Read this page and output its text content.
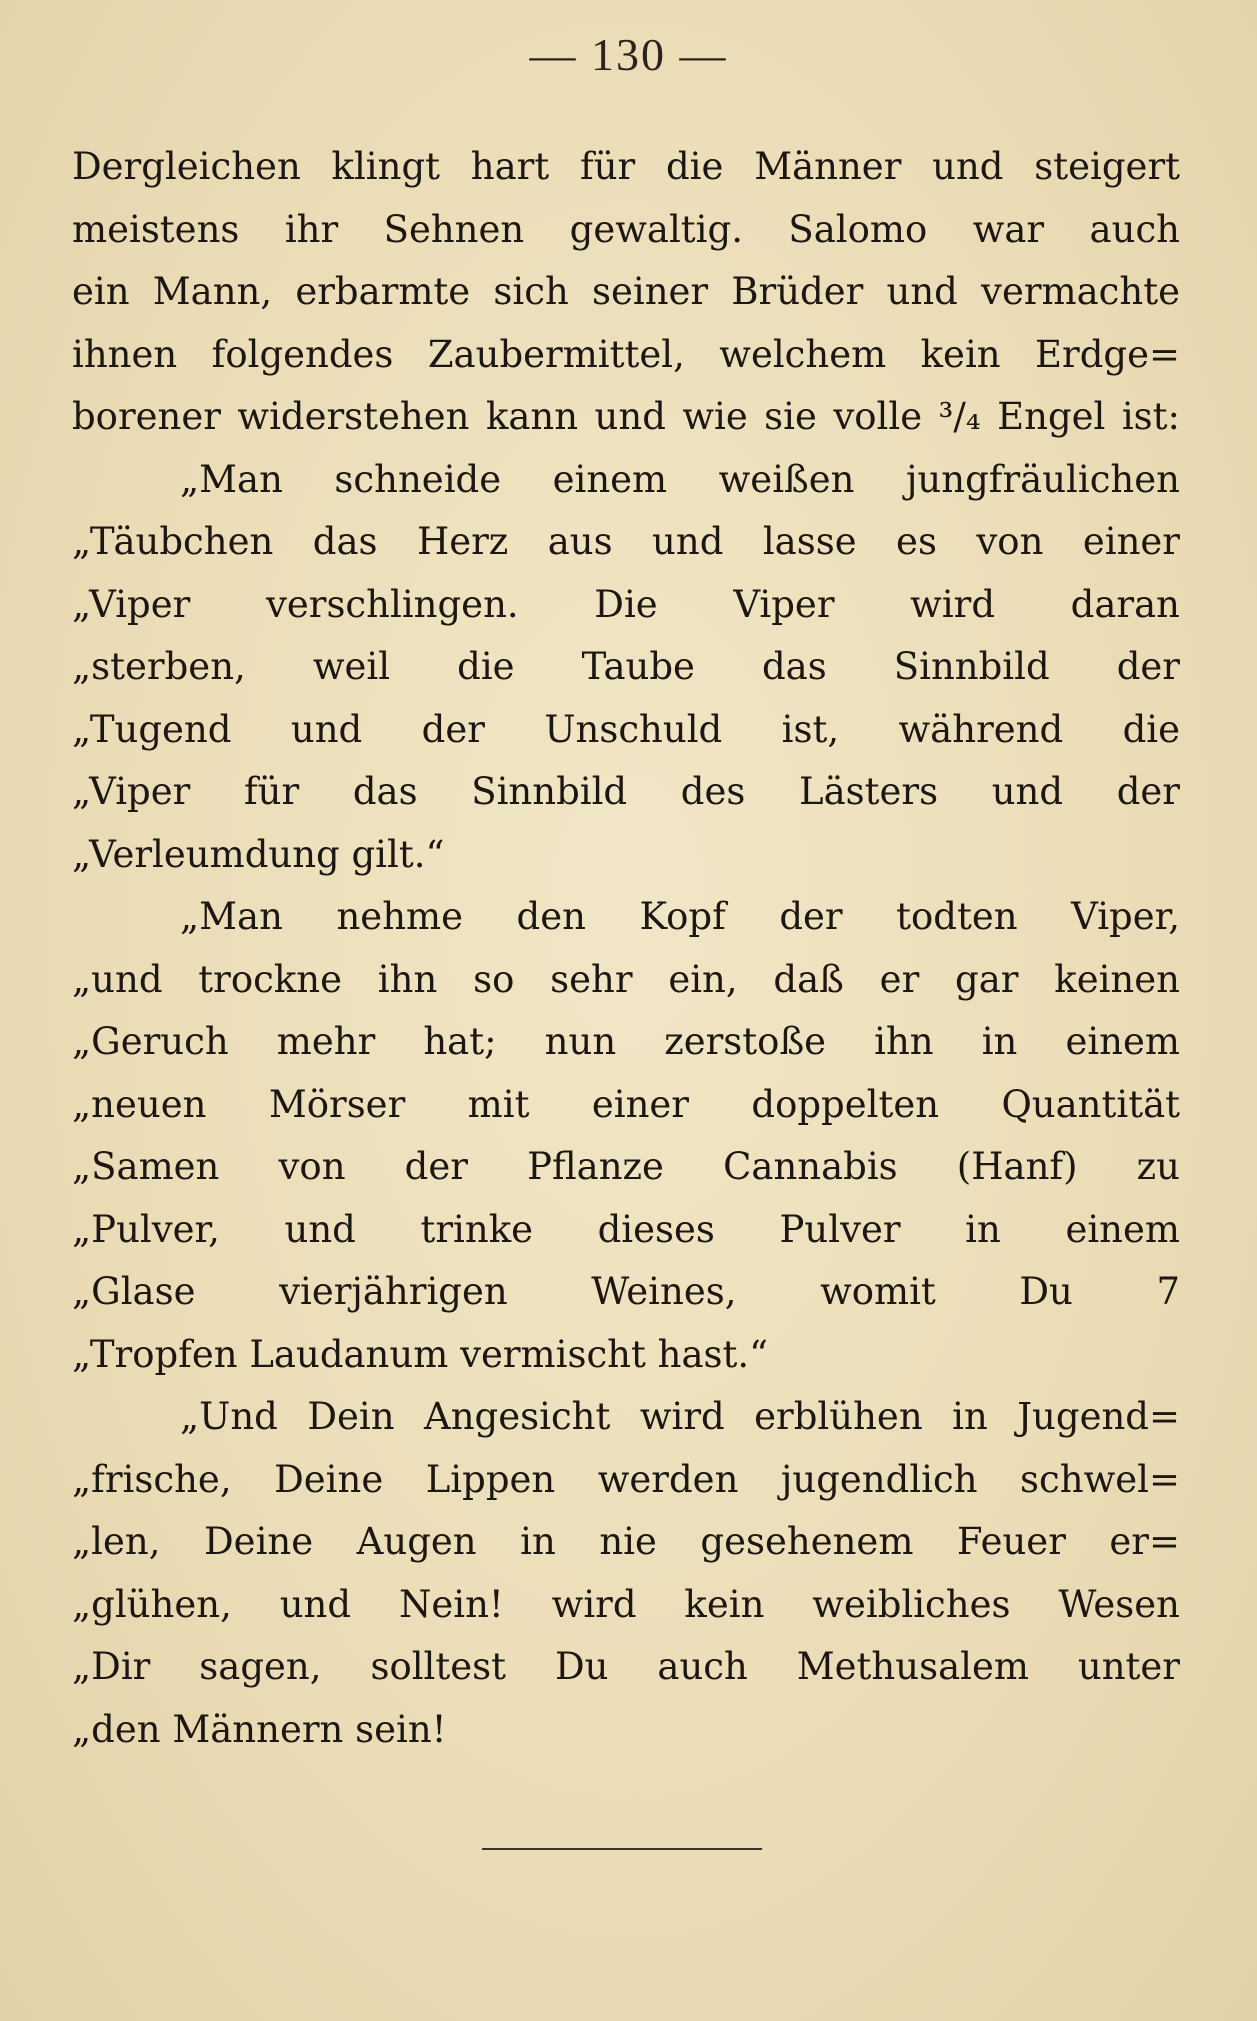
— 130 —
Dergleichen klingt hart für die Männer und steigert
meistens ihr Sehnen gewaltig. Salomo war auch
ein Mann, erbarmte sich seiner Brüder und vermachte
ihnen folgendes Zaubermittel, welchem kein Erdge=
borener widerstehen kann und wie sie volle ³/₄ Engel ist:
„Man schneide einem weißen jungfräulichen
„Täubchen das Herz aus und lasse es von einer
„Viper verschlingen. Die Viper wird daran
„sterben, weil die Taube das Sinnbild der
„Tugend und der Unschuld ist, während die
„Viper für das Sinnbild des Lästers und der
„Verleumdung gilt.“
„Man nehme den Kopf der todten Viper,
„und trockne ihn so sehr ein, daß er gar keinen
„Geruch mehr hat; nun zerstoße ihn in einem
„neuen Mörser mit einer doppelten Quantität
„Samen von der Pflanze Cannabis (Hanf) zu
„Pulver, und trinke dieses Pulver in einem
„Glase vierjährigen Weines, womit Du 7
„Tropfen Laudanum vermischt hast.“
„Und Dein Angesicht wird erblühen in Jugend=
„frische, Deine Lippen werden jugendlich schwel=
„len, Deine Augen in nie gesehenem Feuer er=
„glühen, und Nein! wird kein weibliches Wesen
„Dir sagen, solltest Du auch Methusalem unter
„den Männern sein!
